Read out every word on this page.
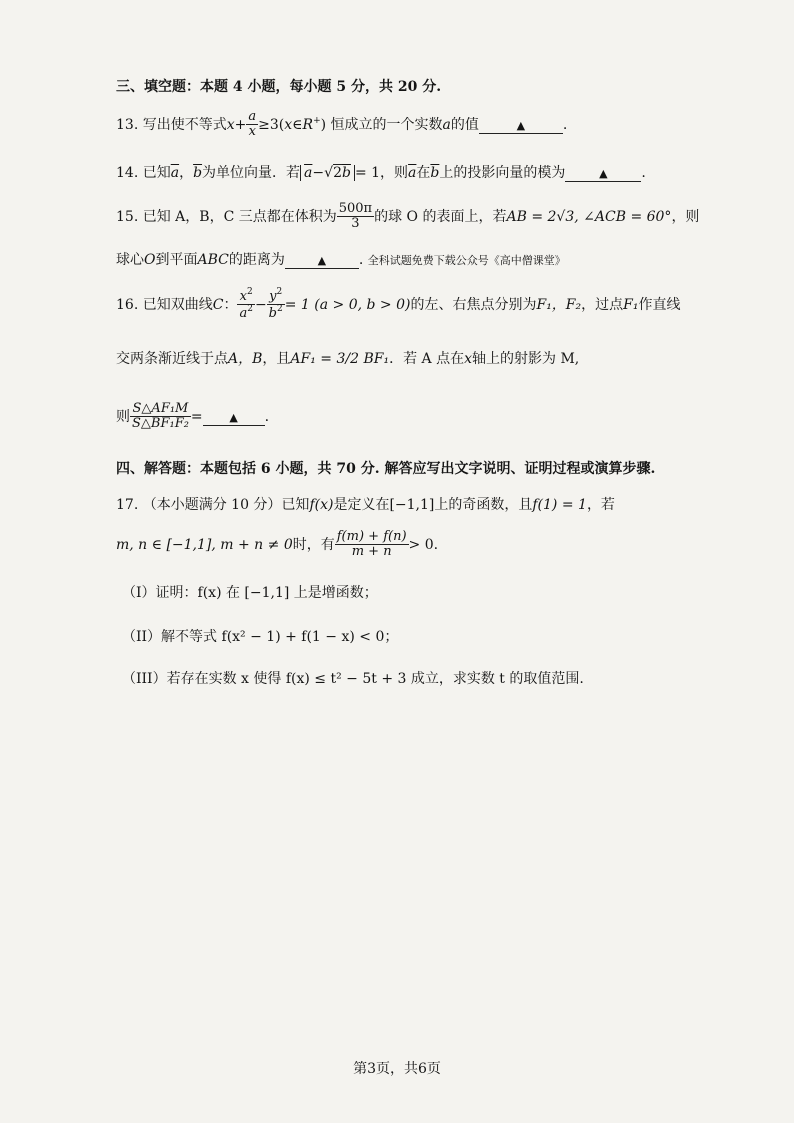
三、填空题：本题 4 小题，每小题 5 分，共 20 分.
13. 写出使不等式$x+ \frac{a}{x}$ ≥3(x∈R+) 恒成立的一个实数a的值	▲	.
14. 已知$\overline{a}$，$\overline{b}$为单位向量．若 $\overline{a}-√2\overline{b} = 1$，则$\overline{a}$在$\overline{b}$上的投影向量的模为	▲ .
15. 已知 A，B，C 三点都在体积为 $\frac{500\pi}{3}$ 的球 O 的表面上，若AB = 2√3, ∠ACB = 60°，则
球心O到平面ABC的距离为	▲ . 全科试题免费下载公众号《高中僧课堂》
16. 已知双曲线C： $\frac{x^2}{a^2} - \frac{y^2}{b^2} = 1$ (a > 0, b > 0)的左、右焦点分别为F₁，F₂，过点F₁作直线
交两条渐近线于点A，B，且AF₁ = 3/2 BF₁．若 A 点在x轴上的射影为 M,
则 $\frac{\text{S△AF₁M}}{\text{S△BF₁F₂}}$ = ▲ .
四、解答题：本题包括 6 小题，共 70 分. 解答应写出文字说明、证明过程或演算步骤.
17. （本小题满分 10 分）已知f(x)是定义在[−1,1]上的奇函数，且f(1) = 1，若
m, n ∈ [−1,1], m + n ≠ 0时，有 $\frac{f(m) + f(n)}{m + n} > 0$.
（I）证明：f(x) 在 [−1,1] 上是增函数；
（II）解不等式 f(x² − 1) + f(1 − x) < 0；
（III）若存在实数 x 使得 f(x) ≤ t² − 5t + 3 成立，求实数 t 的取值范围.
第3页，共6页
